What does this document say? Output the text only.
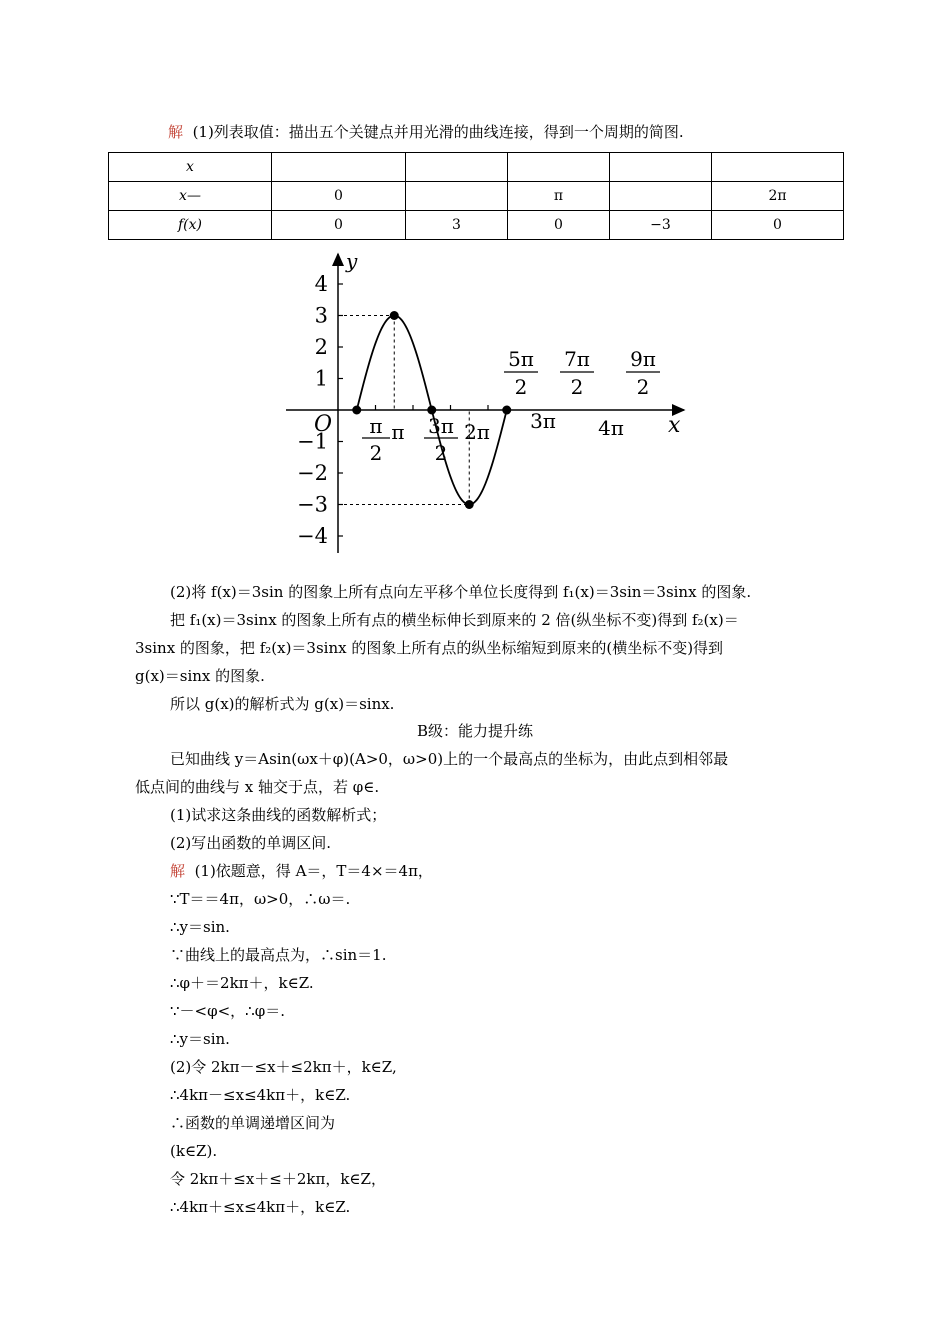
解 (1)列表取值：描出五个关键点并用光滑的曲线连接，得到一个周期的简图.
x					
x—	0		π		2π
f(x)	0	3	0	−3	0
y
x
O
4
3
2
1
−1
−2
−3
−4
π	2π 3π 4π
π
2
3π
2
5π
2
7π
2
9π
2
(2)将 f(x)＝3sin 的图象上所有点向左平移个单位长度得到 f₁(x)＝3sin＝3sinx 的图象.
把 f₁(x)＝3sinx 的图象上所有点的横坐标伸长到原来的 2 倍(纵坐标不变)得到 f₂(x)＝
3sinx 的图象，把 f₂(x)＝3sinx 的图象上所有点的纵坐标缩短到原来的(横坐标不变)得到
g(x)＝sinx 的图象.
所以 g(x)的解析式为 g(x)＝sinx.
B级：能力提升练
已知曲线 y＝Asin(ωx＋φ)(A>0，ω>0)上的一个最高点的坐标为，由此点到相邻最
低点间的曲线与 x 轴交于点，若 φ∈.
(1)试求这条曲线的函数解析式；
(2)写出函数的单调区间.
解 (1)依题意，得 A＝，T＝4×＝4π，
∵T＝＝4π，ω>0，∴ω＝.
∴y＝sin.
∵曲线上的最高点为，∴sin＝1.
∴φ＋＝2kπ＋，k∈Z.
∵－<φ<，∴φ＝.
∴y＝sin.
(2)令 2kπ－≤x＋≤2kπ＋，k∈Z,
∴4kπ－≤x≤4kπ＋，k∈Z.
∴函数的单调递增区间为
(k∈Z).
令 2kπ＋≤x＋≤＋2kπ，k∈Z，
∴4kπ＋≤x≤4kπ＋，k∈Z.
